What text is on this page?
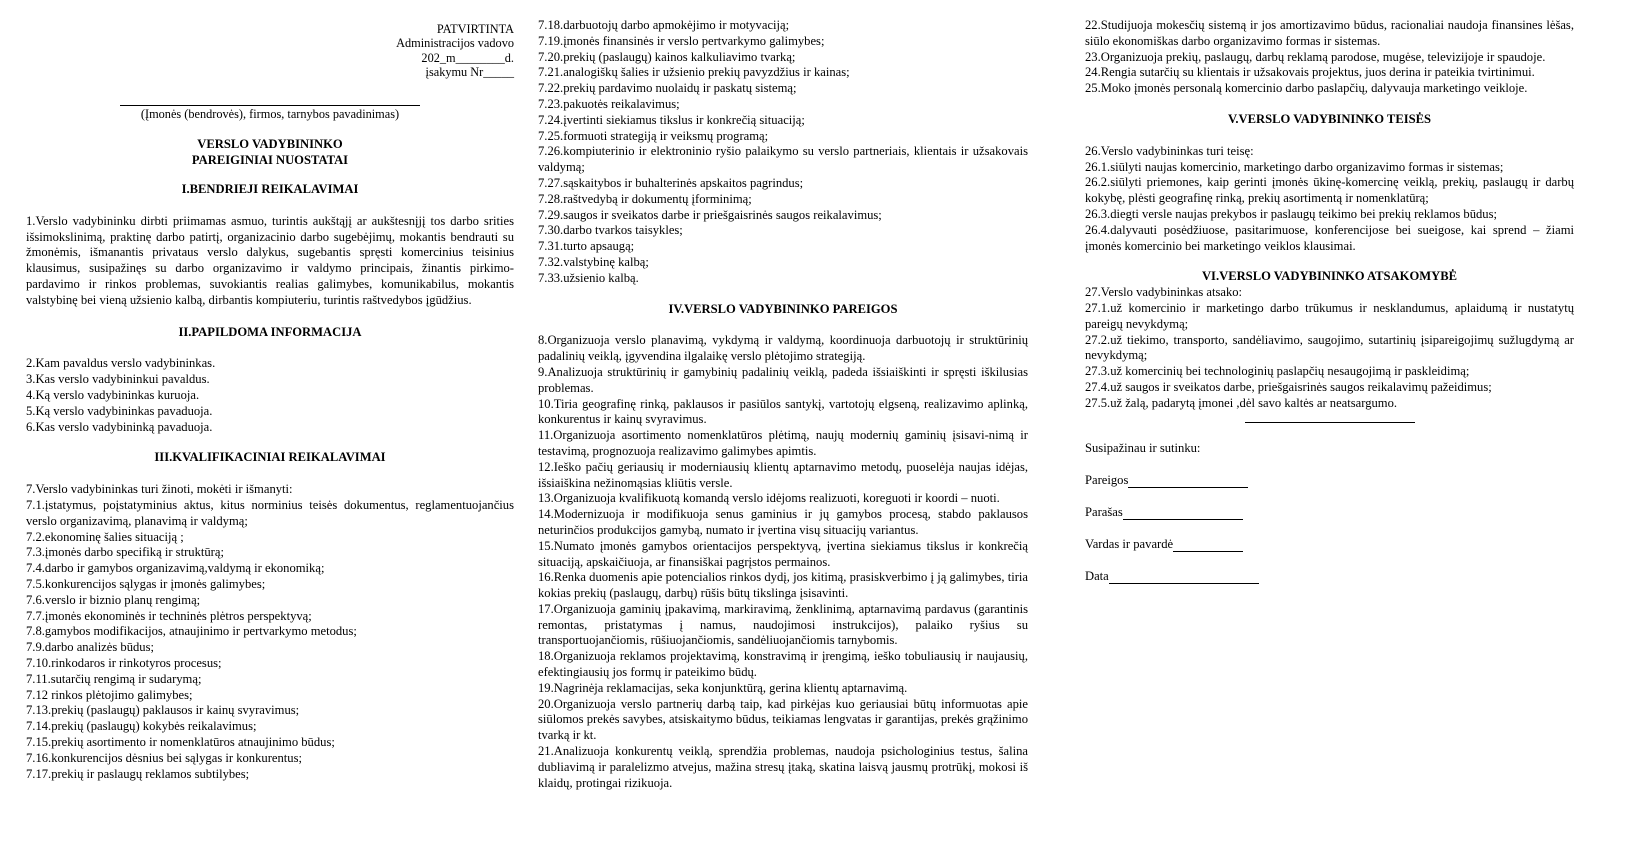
PATVIRTINTA
Administracijos vadovo
202_m________d.
įsakymu Nr_____
(Įmonės (bendrovės), firmos, tarnybos pavadinimas)
VERSLO VADYBININKO
PAREIGINIAI NUOSTATAI
I.BENDRIEJI REIKALAVIMAI

1.Verslo vadybininku dirbti priimamas asmuo, turintis aukštąjį ar aukštesnįjį tos darbo srities išsimokslinimą, praktinę darbo patirtį, organizacinio darbo sugebėjimų, mokantis bendrauti su žmonėmis, išmanantis privataus verslo dalykus, sugebantis spręsti komercinius teisinius klausimus, susipažinęs su darbo organizavimo ir valdymo principais, žinantis pirkimo-pardavimo ir rinkos problemas, suvokiantis realias galimybes, komunikabilus, mokantis valstybinę bei vieną užsienio kalbą, dirbantis kompiuteriu, turintis raštvedybos įgūdžius.

II.PAPILDOMA INFORMACIJA

2.Kam pavaldus verslo vadybininkas.

3.Kas verslo vadybininkui pavaldus.

4.Ką verslo vadybininkas kuruoja.

5.Ką verslo vadybininkas pavaduoja.

6.Kas verslo vadybininką pavaduoja.

III.KVALIFIKACINIAI REIKALAVIMAI

7.Verslo vadybininkas turi žinoti, mokėti ir išmanyti:

7.1.įstatymus, poįstatyminius aktus, kitus norminius teisės dokumentus, reglamentuojančius verslo organizavimą, planavimą ir valdymą;

7.2.ekonominę šalies situaciją ;

7.3.įmonės darbo specifiką ir struktūrą;

7.4.darbo ir gamybos organizavimą,valdymą ir ekonomiką;

7.5.konkurencijos sąlygas ir įmonės galimybes;

7.6.verslo ir biznio planų rengimą;

7.7.įmonės ekonominės ir techninės plėtros perspektyvą;

7.8.gamybos modifikacijos, atnaujinimo ir pertvarkymo metodus;

7.9.darbo analizės būdus;

7.10.rinkodaros ir rinkotyros procesus;

7.11.sutarčių rengimą ir sudarymą;

7.12 rinkos plėtojimo galimybes;

7.13.prekių (paslaugų) paklausos ir kainų svyravimus;

7.14.prekių (paslaugų) kokybės reikalavimus;

7.15.prekių asortimento ir nomenklatūros atnaujinimo būdus;

7.16.konkurencijos dėsnius bei sąlygas ir konkurentus;

7.17.prekių ir paslaugų reklamos subtilybes;

7.18.darbuotojų darbo apmokėjimo ir motyvaciją;

7.19.įmonės finansinės ir verslo pertvarkymo galimybes;

7.20.prekių (paslaugų) kainos kalkuliavimo tvarką;

7.21.analogiškų šalies ir užsienio prekių pavyzdžius ir kainas;

7.22.prekių pardavimo nuolaidų ir paskatų sistemą;

7.23.pakuotės reikalavimus;

7.24.įvertinti siekiamus tikslus ir konkrečią situaciją;

7.25.formuoti strategiją ir veiksmų programą;

7.26.kompiuterinio ir elektroninio ryšio palaikymo su verslo partneriais, klientais ir užsakovais valdymą;

7.27.sąskaitybos ir buhalterinės apskaitos pagrindus;

7.28.raštvedybą ir dokumentų įforminimą;

7.29.saugos ir sveikatos darbe ir priešgaisrinės saugos reikalavimus;

7.30.darbo tvarkos taisykles;

7.31.turto apsaugą;

7.32.valstybinę kalbą;

7.33.užsienio kalbą.

IV.VERSLO VADYBININKO PAREIGOS

8.Organizuoja verslo planavimą, vykdymą ir valdymą, koordinuoja darbuotojų ir struktūrinių padalinių veiklą, įgyvendina ilgalaikę verslo plėtojimo strategiją.

9.Analizuoja struktūrinių ir gamybinių padalinių veiklą, padeda išsiaiškinti ir spręsti iškilusias problemas.

10.Tiria geografinę rinką, paklausos ir pasiūlos santykį, vartotojų elgseną, realizavimo aplinką, konkurentus ir kainų svyravimus.

11.Organizuoja asortimento nomenklatūros plėtimą, naujų modernių gaminių įsisavi-nimą ir testavimą, prognozuoja realizavimo galimybes apimtis.

12.Ieško pačių geriausių ir moderniausių klientų aptarnavimo metodų, puoselėja naujas idėjas, išsiaiškina nežinomąsias kliūtis versle.

13.Organizuoja kvalifikuotą komandą verslo idėjoms realizuoti, koreguoti ir koordi – nuoti.

14.Modernizuoja ir modifikuoja senus gaminius ir jų gamybos procesą, stabdo paklausos neturinčios produkcijos gamybą, numato ir įvertina visų situacijų variantus.

15.Numato įmonės gamybos orientacijos perspektyvą, įvertina siekiamus tikslus ir konkrečią situaciją, apskaičiuoja, ar finansiškai pagrįstos permainos.

16.Renka duomenis apie potencialios rinkos dydį, jos kitimą, prasiskverbimo į ją galimybes, tiria kokias prekių (paslaugų, darbų) rūšis būtų tikslinga įsisavinti.

17.Organizuoja gaminių įpakavimą, markiravimą, ženklinimą, aptarnavimą pardavus (garantinis remontas, pristatymas į namus, naudojimosi instrukcijos), palaiko ryšius su transportuojančiomis, rūšiuojančiomis, sandėliuojančiomis tarnybomis.

18.Organizuoja reklamos projektavimą, konstravimą ir įrengimą, ieško tobuliausių ir naujausių, efektingiausių jos formų ir pateikimo būdų.

19.Nagrinėja reklamacijas, seka konjunktūrą, gerina klientų aptarnavimą.

20.Organizuoja verslo partnerių darbą taip, kad pirkėjas kuo geriausiai būtų informuotas apie siūlomos prekės savybes, atsiskaitymo būdus, teikiamas lengvatas ir garantijas, prekės grąžinimo tvarką ir kt.

21.Analizuoja konkurentų veiklą, sprendžia problemas, naudoja psichologinius testus, šalina dubliavimą ir paralelizmo atvejus, mažina stresų įtaką, skatina laisvą jausmų protrūkį, mokosi iš klaidų, protingai rizikuoja.

22.Studijuoja mokesčių sistemą ir jos amortizavimo būdus, racionaliai naudoja finansines lėšas, siūlo ekonomiškas darbo organizavimo formas ir sistemas.

23.Organizuoja prekių, paslaugų, darbų reklamą parodose, mugėse, televizijoje ir spaudoje.

24.Rengia sutarčių su klientais ir užsakovais projektus, juos derina ir pateikia tvirtinimui.

25.Moko įmonės personalą komercinio darbo paslapčių, dalyvauja marketingo veikloje.

V.VERSLO VADYBININKO TEISĖS

26.Verslo vadybininkas turi teisę:

26.1.siūlyti naujas komercinio, marketingo darbo organizavimo formas ir sistemas;

26.2.siūlyti priemones, kaip gerinti įmonės ūkinę-komercinę veiklą, prekių, paslaugų ir darbų kokybę, plėsti geografinę rinką, prekių asortimentą ir nomenklatūrą;

26.3.diegti versle naujas prekybos ir paslaugų teikimo bei prekių reklamos būdus;

26.4.dalyvauti posėdžiuose, pasitarimuose, konferencijose bei sueigose, kai sprend – žiami įmonės komercinio bei marketingo veiklos klausimai.

VI.VERSLO VADYBININKO ATSAKOMYBĖ

27.Verslo vadybininkas atsako:

27.1.už komercinio ir marketingo darbo trūkumus ir nesklandumus, aplaidumą ir nustatytų pareigų nevykdymą;

27.2.už tiekimo, transporto, sandėliavimo, saugojimo, sutartinių įsipareigojimų sužlugdymą ar nevykdymą;

27.3.už komercinių bei technologinių paslapčių nesaugojimą ir paskleidimą;

27.4.už saugos ir sveikatos darbe, priešgaisrinės saugos reikalavimų pažeidimus;

27.5.už žalą, padarytą įmonei ,dėl savo kaltės ar neatsargumo.

Susipažinau ir sutinku:

Pareigos
Parašas
Vardas ir pavardė
Data
